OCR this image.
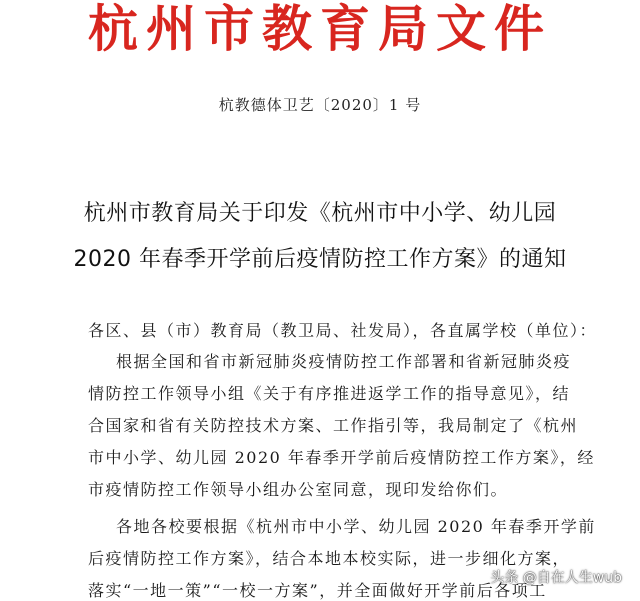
杭州市教育局文件
杭教德体卫艺〔2020〕1 号
杭州市教育局关于印发《杭州市中小学、幼儿园
2020 年春季开学前后疫情防控工作方案》的通知
各区、县（市）教育局（教卫局、社发局），各直属学校（单位）：
根据全国和省市新冠肺炎疫情防控工作部署和省新冠肺炎疫
情防控工作领导小组《关于有序推进返学工作的指导意见》，结
合国家和省有关防控技术方案、工作指引等，我局制定了《杭州
市中小学、幼儿园 2020 年春季开学前后疫情防控工作方案》，经
市疫情防控工作领导小组办公室同意，现印发给你们。
各地各校要根据《杭州市中小学、幼儿园 2020 年春季开学前
后疫情防控工作方案》，结合本地本校实际，进一步细化方案，
落实“一地一策”“一校一方案”，并全面做好开学前后各项工
头条 @自在人生wub
